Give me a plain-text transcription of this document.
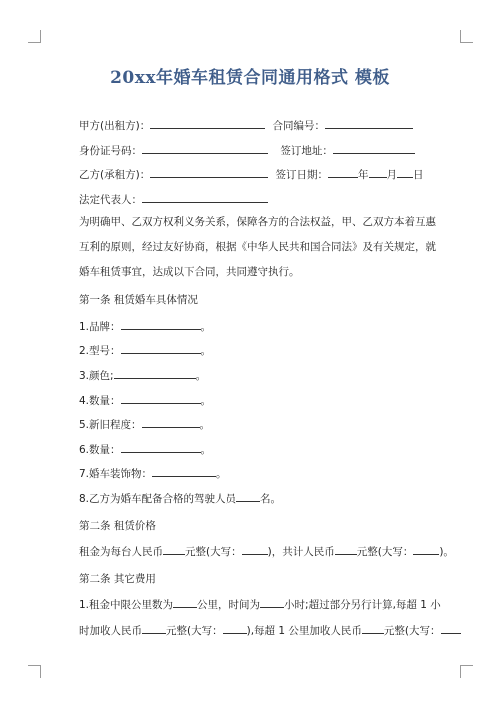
20xx年婚车租赁合同通用格式 模板
甲方(出租方)：	合同编号：
身份证号码：	签订地址：
乙方(承租方)：	签订日期：	年 月 日
法定代表人：
为明确甲、乙双方权利义务关系，保障各方的合法权益，甲、乙双方本着互惠互利的原则，经过友好协商，根据《中华人民共和国合同法》及有关规定，就婚车租赁事宜，达成以下合同，共同遵守执行。
第一条 租赁婚车具体情况
1.品牌：	。
2.型号：	。
3.颜色;	。
4.数量：	。
5.新旧程度：	。
6.数量：	。
7.婚车装饰物：	。
8.乙方为婚车配备合格的驾驶人员 名。
第二条 租赁价格
租金为每台人民币 元整(大写： )，共计人民币 元整(大写： )。
第二条 其它费用
1.租金中限公里数为 公里，时间为 小时;超过部分另行计算,每超 1 小
时加收人民币 元整(大写： ),每超 1 公里加收人民币 元整(大写：
